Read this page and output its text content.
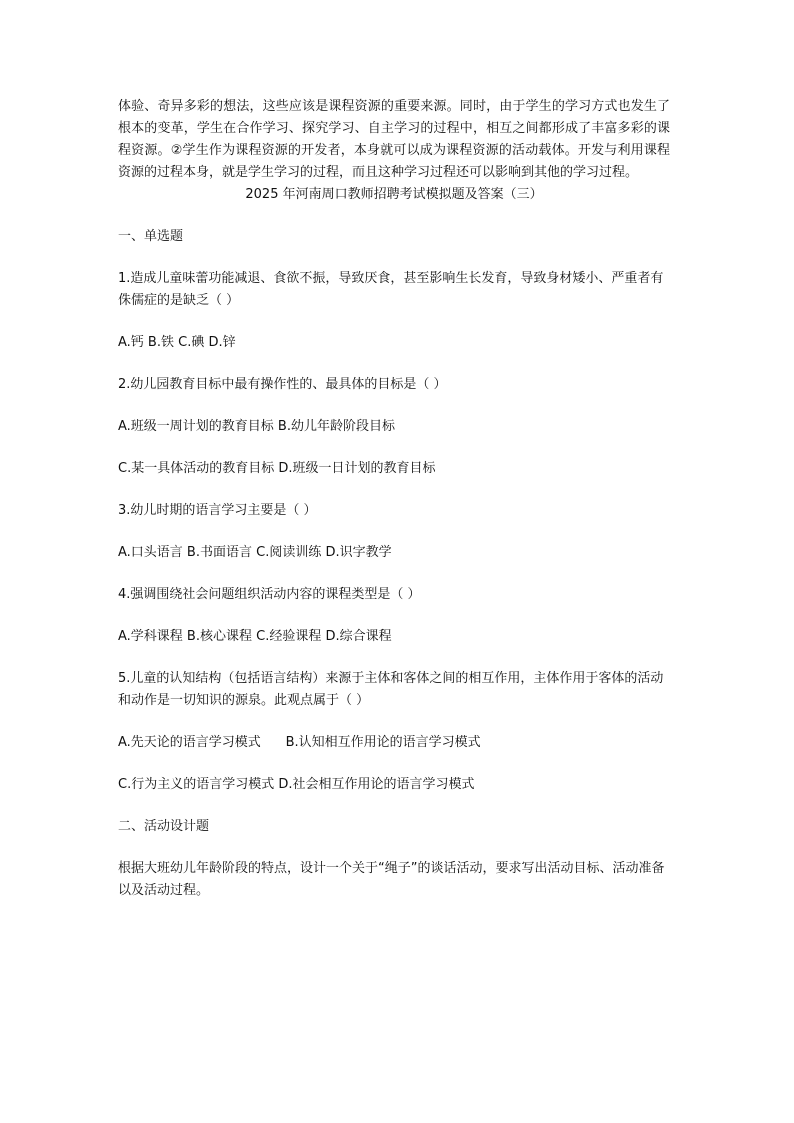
体验、奇异多彩的想法，这些应该是课程资源的重要来源。同时，由于学生的学习方式也发生了根本的变革，学生在合作学习、探究学习、自主学习的过程中，相互之间都形成了丰富多彩的课程资源。②学生作为课程资源的开发者，本身就可以成为课程资源的活动载体。开发与利用课程资源的过程本身，就是学生学习的过程，而且这种学习过程还可以影响到其他的学习过程。

2025 年河南周口教师招聘考试模拟题及答案（三）

一、单选题

1.造成儿童味蕾功能减退、食欲不振，导致厌食，甚至影响生长发育，导致身材矮小、严重者有侏儒症的是缺乏（ ）

A.钙 B.铁 C.碘 D.锌

2.幼儿园教育目标中最有操作性的、最具体的目标是（ ）

A.班级一周计划的教育目标 B.幼儿年龄阶段目标

C.某一具体活动的教育目标 D.班级一日计划的教育目标

3.幼儿时期的语言学习主要是（ ）

A.口头语言 B.书面语言 C.阅读训练 D.识字教学

4.强调围绕社会问题组织活动内容的课程类型是（ ）

A.学科课程 B.核心课程 C.经验课程 D.综合课程

5.儿童的认知结构（包括语言结构）来源于主体和客体之间的相互作用，主体作用于客体的活动和动作是一切知识的源泉。此观点属于（ ）

A.先天论的语言学习模式      B.认知相互作用论的语言学习模式

C.行为主义的语言学习模式 D.社会相互作用论的语言学习模式

二、活动设计题

根据大班幼儿年龄阶段的特点，设计一个关于“绳子”的谈话活动，要求写出活动目标、活动准备以及活动过程。
